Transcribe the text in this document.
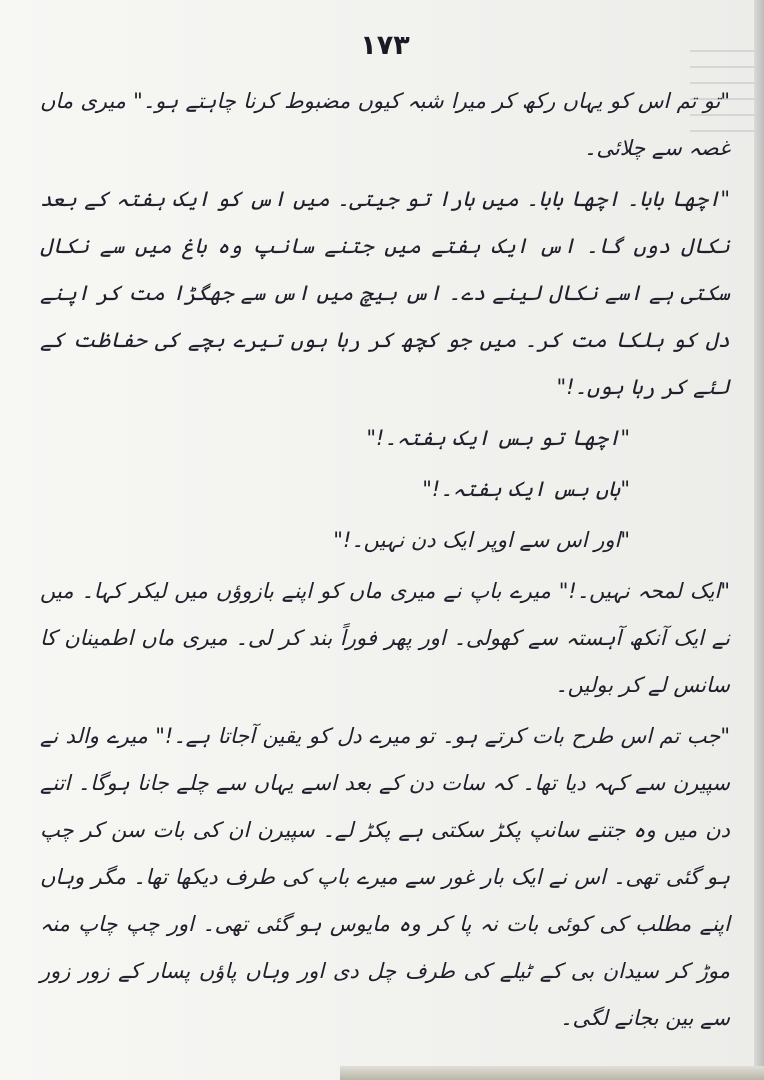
۱۷۳

"تو تم اس کو یہاں رکھ کر میرا شبہ کیوں مضبوط کرنا چاہتے ہو۔" میری ماں غصہ سے چلائی۔

"اچھا بابا۔ اچھا بابا۔ میں ہارا تو جیتی۔ میں اس کو ایک ہفتہ کے بعد نکال دوں گا۔ اس ایک ہفتے میں جتنے سانپ وہ باغ میں سے نکال سکتی ہے اسے نکال لینے دے۔ اس بیچ میں اس سے جھگڑا مت کر اپنے دل کو ہلکا مت کر۔ میں جو کچھ کر رہا ہوں تیرے بچے کی حفاظت کے لئے کر رہا ہوں۔!"

"اچھا تو بس ایک ہفتہ۔!"

"ہاں بس ایک ہفتہ۔!"

"اور اس سے اوپر ایک دن نہیں۔!"

"ایک لمحہ نہیں۔!" میرے باپ نے میری ماں کو اپنے بازوؤں میں لیکر کہا۔ میں نے ایک آنکھ آہستہ سے کھولی۔ اور پھر فوراً بند کر لی۔ میری ماں اطمینان کا سانس لے کر بولیں۔

"جب تم اس طرح بات کرتے ہو۔ تو میرے دل کو یقین آجاتا ہے۔!" میرے والد نے سپیرن سے کہہ دیا تھا۔ کہ سات دن کے بعد اسے یہاں سے چلے جانا ہوگا۔ اتنے دن میں وہ جتنے سانپ پکڑ سکتی ہے پکڑ لے۔ سپیرن ان کی بات سن کر چپ ہو گئی تھی۔ اس نے ایک بار غور سے میرے باپ کی طرف دیکھا تھا۔ مگر وہاں اپنے مطلب کی کوئی بات نہ پا کر وہ مایوس ہو گئی تھی۔ اور چپ چاپ منہ موڑ کر سیدان بی کے ٹیلے کی طرف چل دی اور وہاں پاؤں پسار کے زور زور سے بین بجانے لگی۔
